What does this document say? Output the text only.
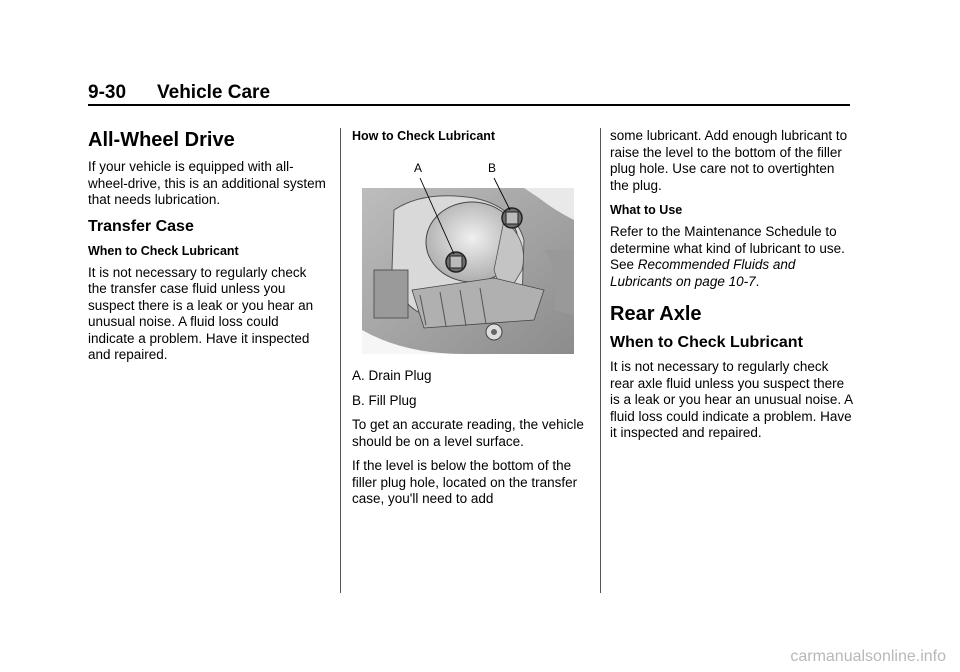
9-30 Vehicle Care
All-Wheel Drive

If your vehicle is equipped with all-wheel-drive, this is an additional system that needs lubrication.

Transfer Case
When to Check Lubricant

It is not necessary to regularly check the transfer case fluid unless you suspect there is a leak or you hear an unusual noise. A fluid loss could indicate a problem. Have it inspected and repaired.

How to Check Lubricant
A	B

A. Drain Plug

B. Fill Plug

To get an accurate reading, the vehicle should be on a level surface.

If the level is below the bottom of the filler plug hole, located on the transfer case, you'll need to add

some lubricant. Add enough lubricant to raise the level to the bottom of the filler plug hole. Use care not to overtighten the plug.

What to Use

Refer to the Maintenance Schedule to determine what kind of lubricant to use. See Recommended Fluids and Lubricants on page 10-7.

Rear Axle
When to Check Lubricant

It is not necessary to regularly check rear axle fluid unless you suspect there is a leak or you hear an unusual noise. A fluid loss could indicate a problem. Have it inspected and repaired.

carmanualsonline.info
